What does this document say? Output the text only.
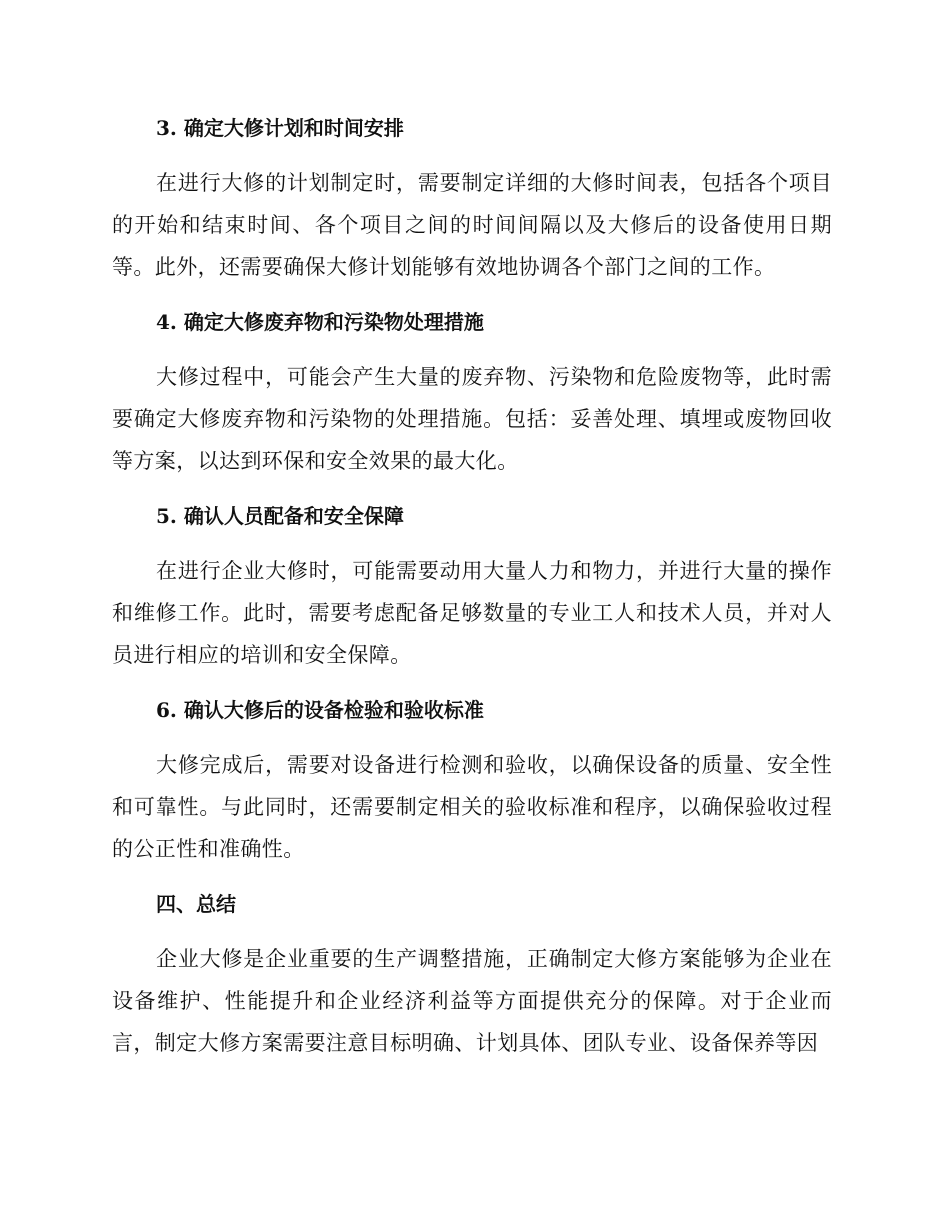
3. 确定大修计划和时间安排

在进行大修的计划制定时，需要制定详细的大修时间表，包括各个项目的开始和结束时间、各个项目之间的时间间隔以及大修后的设备使用日期等。此外，还需要确保大修计划能够有效地协调各个部门之间的工作。

4. 确定大修废弃物和污染物处理措施

大修过程中，可能会产生大量的废弃物、污染物和危险废物等，此时需要确定大修废弃物和污染物的处理措施。包括：妥善处理、填埋或废物回收等方案，以达到环保和安全效果的最大化。

5. 确认人员配备和安全保障

在进行企业大修时，可能需要动用大量人力和物力，并进行大量的操作和维修工作。此时，需要考虑配备足够数量的专业工人和技术人员，并对人员进行相应的培训和安全保障。

6. 确认大修后的设备检验和验收标准

大修完成后，需要对设备进行检测和验收，以确保设备的质量、安全性和可靠性。与此同时，还需要制定相关的验收标准和程序，以确保验收过程的公正性和准确性。

四、总结

企业大修是企业重要的生产调整措施，正确制定大修方案能够为企业在设备维护、性能提升和企业经济利益等方面提供充分的保障。对于企业而言，制定大修方案需要注意目标明确、计划具体、团队专业、设备保养等因
